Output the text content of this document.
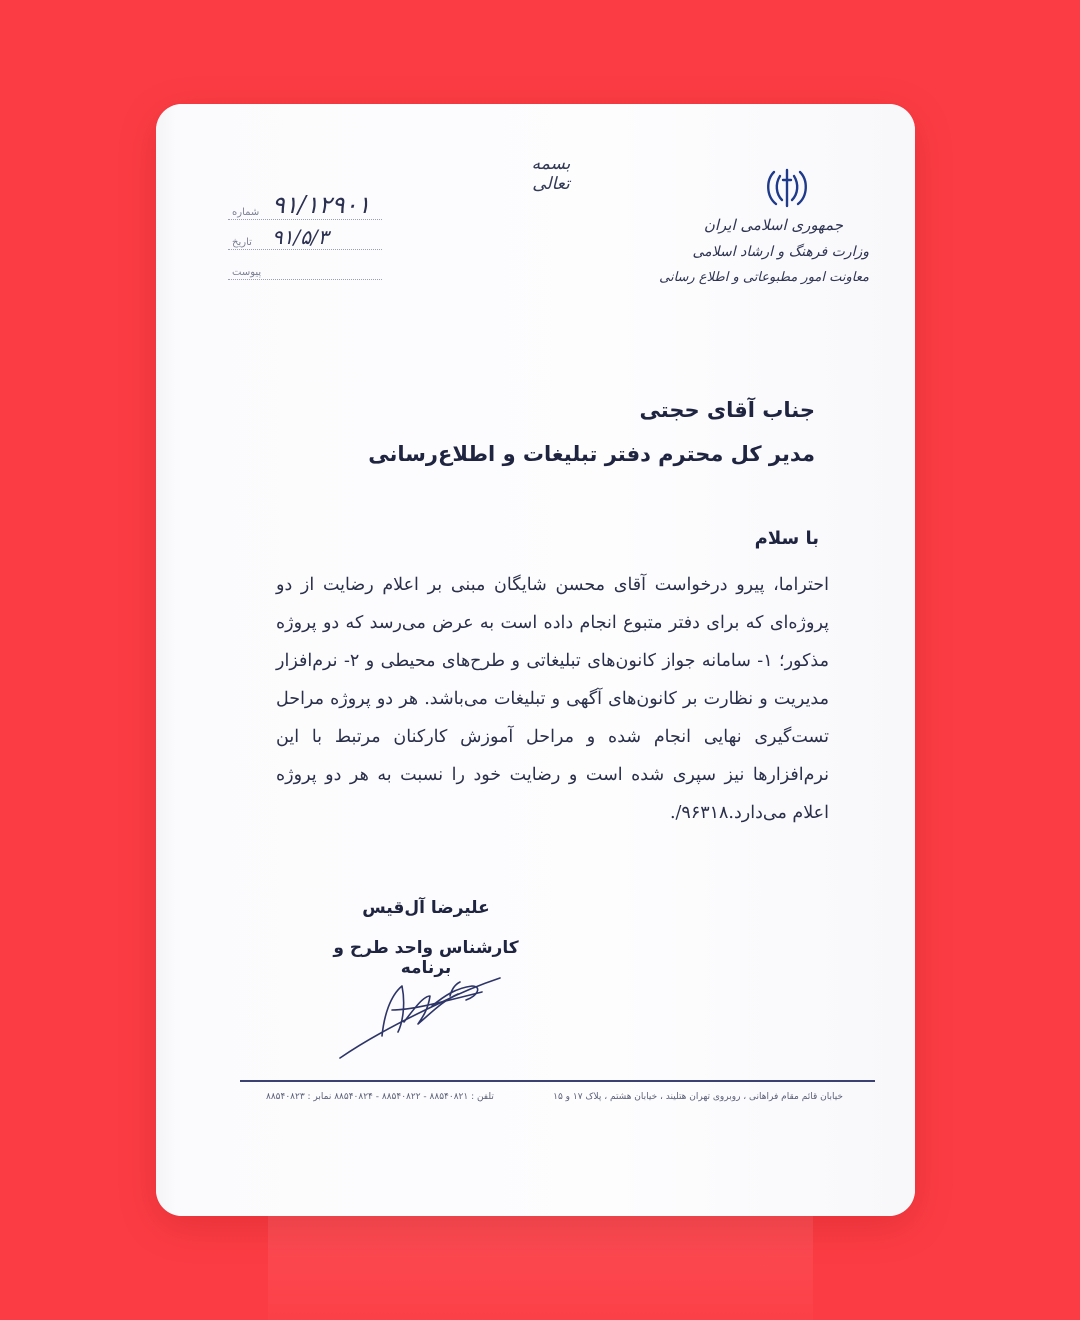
بسمه تعالی
جمهوری اسلامی ایران
وزارت فرهنگ و ارشاد اسلامی
معاونت امور مطبوعاتی و اطلاع رسانی
شماره ۹۱/۱۲۹۰۱
تاریخ ۹۱/۵/۳
پیوست
جناب آقای حجتی
مدیر کل محترم دفتر تبلیغات و اطلاع‌رسانی
با سلام
احتراما، پیرو درخواست آقای محسن شایگان مبنی بر اعلام رضایت از دو پروژه‌ای که برای دفتر متبوع انجام داده است به عرض می‌رسد که دو پروژه مذکور؛ ۱- سامانه جواز کانون‌های تبلیغاتی و طرح‌های محیطی و ۲- نرم‌افزار مدیریت و نظارت بر کانون‌های آگهی و تبلیغات می‌باشد. هر دو پروژه مراحل تست‌گیری نهایی انجام شده و مراحل آموزش کارکنان مرتبط با این نرم‌افزارها نیز سپری شده است و رضایت خود را نسبت به هر دو پروژه اعلام می‌دارد.۹۶۳۱۸/.
علیرضا آل‌قیس
کارشناس واحد طرح و برنامه
خیابان قائم مقام فراهانی ، روبروی تهران هتلیند ، خیابان هشتم ، پلاک ۱۷ و ۱۵
تلفن : ۸۸۵۴۰۸۲۱ - ۸۸۵۴۰۸۲۲ - ۸۸۵۴۰۸۲۴ نمابر : ۸۸۵۴۰۸۲۳
